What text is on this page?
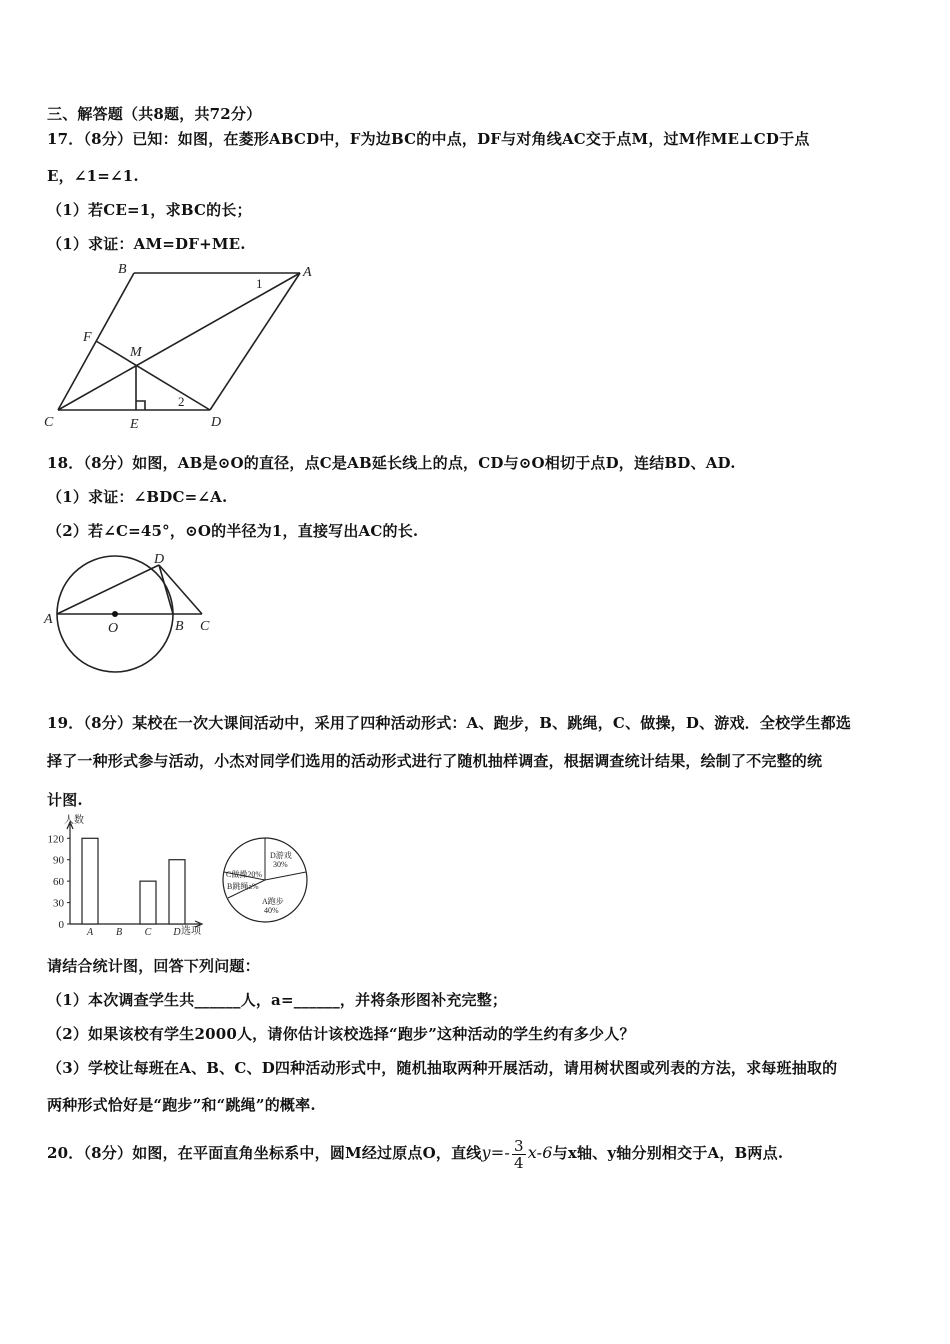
三、解答题（共8题，共72分）
17．（8分）已知：如图，在菱形ABCD中，F为边BC的中点，DF与对角线AC交于点M，过M作ME⊥CD于点
E，∠1=∠1.
（1）若CE=1，求BC的长；
（1）求证：AM=DF+ME.
B	A
F
M
C	E	D
1
2
18．（8分）如图，AB是⊙O的直径，点C是AB延长线上的点，CD与⊙O相切于点D，连结BD、AD.
（1）求证：∠BDC=∠A.
（2）若∠C=45°，⊙O的半径为1，直接写出AC的长.
D
A
O	B C
19．（8分）某校在一次大课间活动中，采用了四种活动形式：A、跑步，B、跳绳，C、做操，D、游戏．全校学生都选
择了一种形式参与活动，小杰对同学们选用的活动形式进行了随机抽样调查，根据调查统计结果，绘制了不完整的统
计图.
0
30
60
90
120
A B C D
人数
选项
D游戏
30%
A跑步
40%
B跳绳a%
C做操20%
请结合统计图，回答下列问题：
（1）本次调查学生共______人，a=______，并将条形图补充完整；
（2）如果该校有学生2000人，请你估计该校选择“跑步”这种活动的学生约有多少人？
（3）学校让每班在A、B、C、D四种活动形式中，随机抽取两种开展活动，请用树状图或列表的方法，求每班抽取的
两种形式恰好是“跑步”和“跳绳”的概率.
20．（8分）如图，在平面直角坐标系中，圆M经过原点O，直线$y=- \frac{3}{4} x-6$与x轴、y轴分别相交于A，B两点.
